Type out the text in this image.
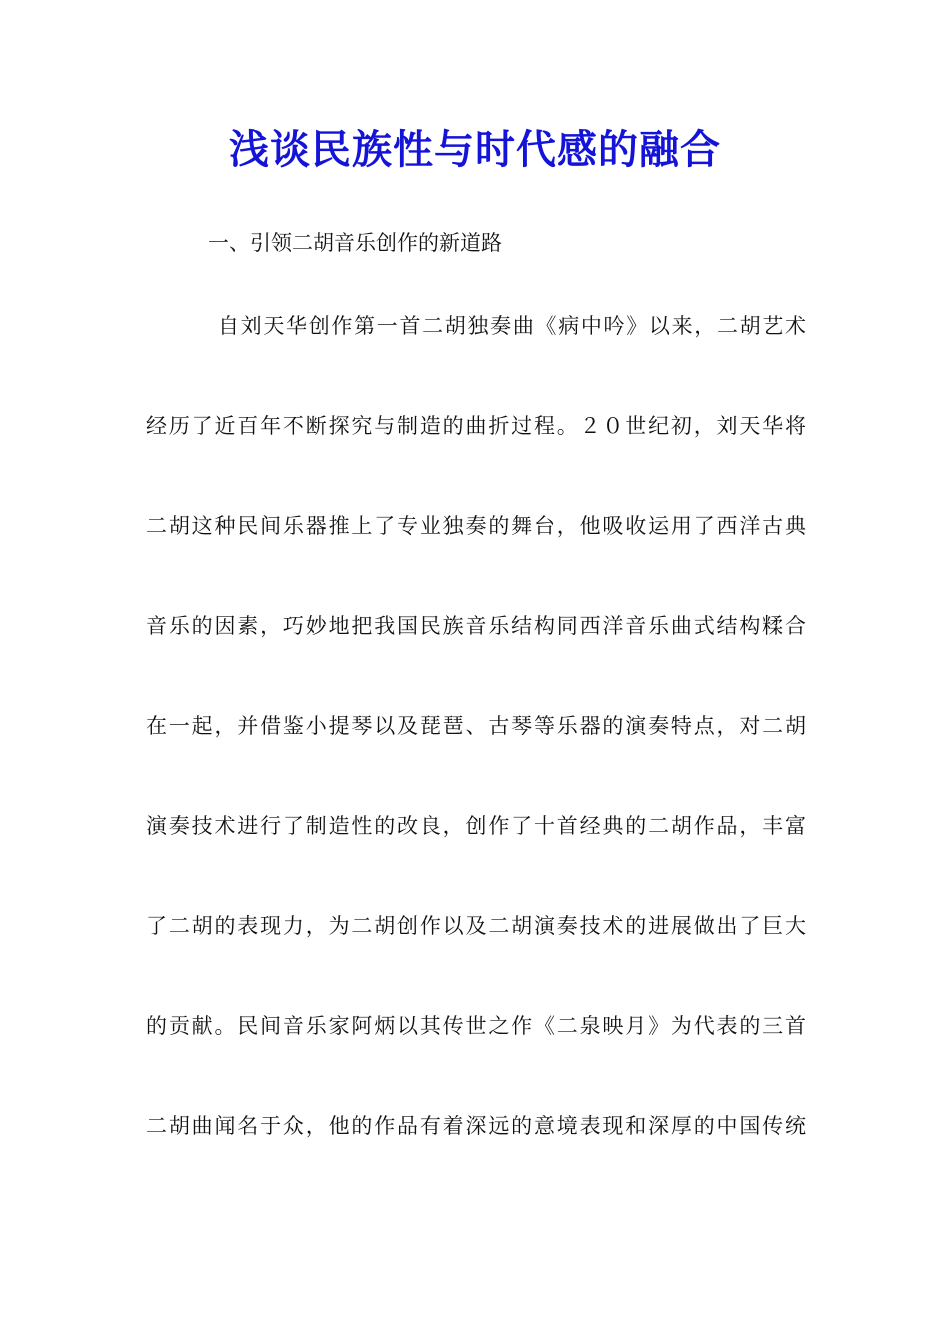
浅谈民族性与时代感的融合

一、引领二胡音乐创作的新道路

自刘天华创作第一首二胡独奏曲《病中吟》以来，二胡艺术
经历了近百年不断探究与制造的曲折过程。２０世纪初，刘天华将
二胡这种民间乐器推上了专业独奏的舞台，他吸收运用了西洋古典
音乐的因素，巧妙地把我国民族音乐结构同西洋音乐曲式结构糅合
在一起，并借鉴小提琴以及琵琶、古琴等乐器的演奏特点，对二胡
演奏技术进行了制造性的改良，创作了十首经典的二胡作品，丰富
了二胡的表现力，为二胡创作以及二胡演奏技术的进展做出了巨大
的贡献。民间音乐家阿炳以其传世之作《二泉映月》为代表的三首
二胡曲闻名于众，他的作品有着深远的意境表现和深厚的中国传统
